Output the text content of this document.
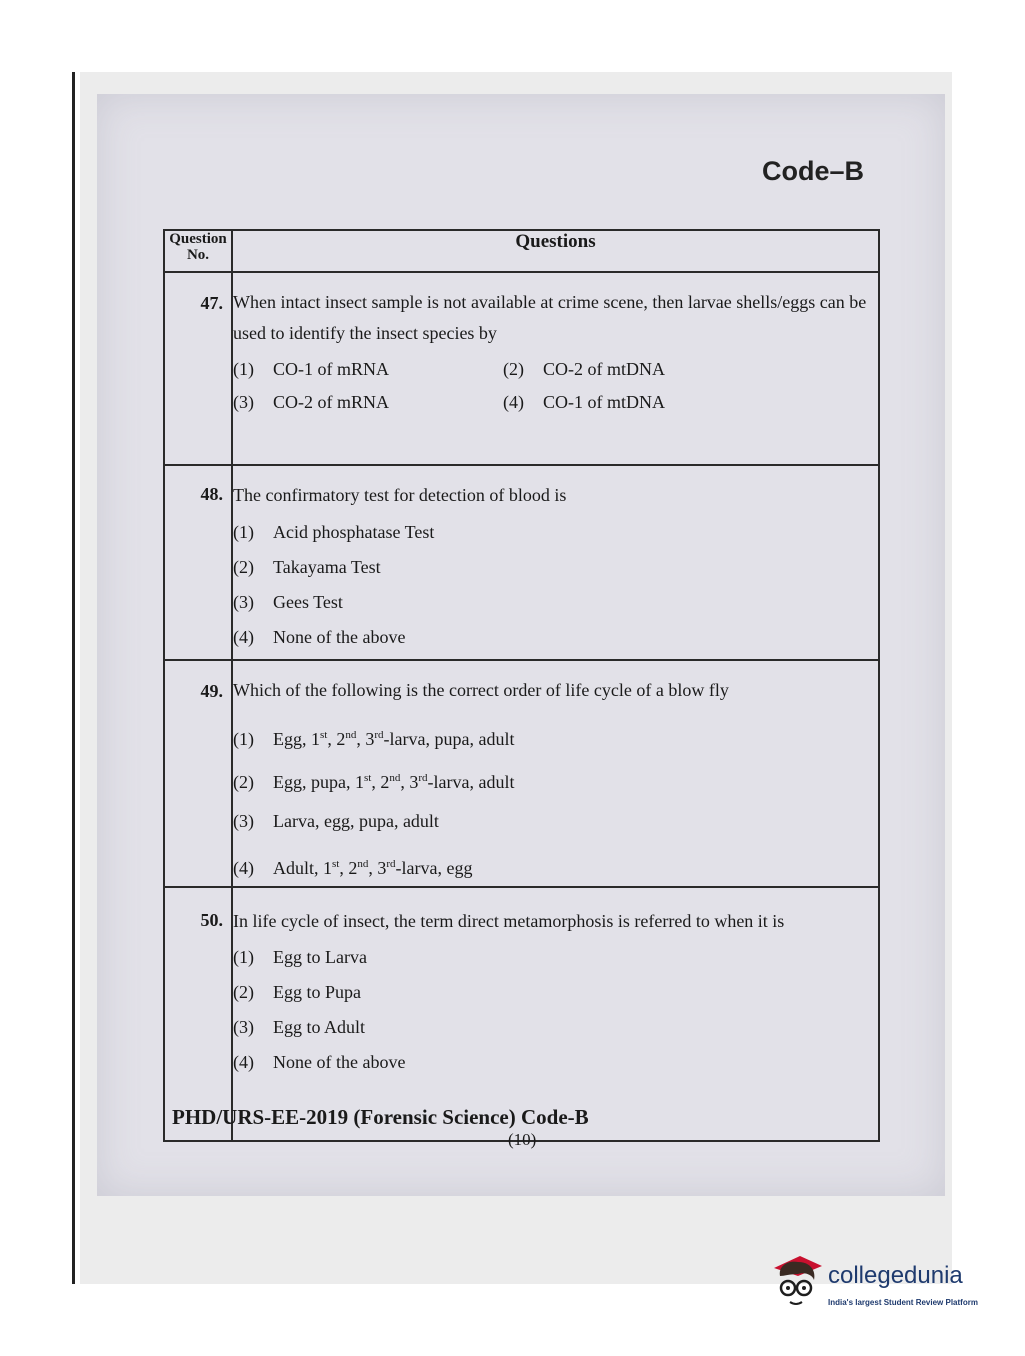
Code–B
Question No.	Questions

47.	When intact insect sample is not available at crime scene, then larvae shells/eggs can be used to identify the insect species by
(1) CO-1 of mRNA (2) CO-2 of mtDNA
(3) CO-2 of mRNA (4) CO-1 of mtDNA

48.	The confirmatory test for detection of blood is
(1) Acid phosphatase Test
(2) Takayama Test
(3) Gees Test
(4) None of the above

49.	Which of the following is the correct order of life cycle of a blow fly
(1) Egg, 1st, 2nd, 3rd-larva, pupa, adult
(2) Egg, pupa, 1st, 2nd, 3rd-larva, adult
(3) Larva, egg, pupa, adult
(4) Adult, 1st, 2nd, 3rd-larva, egg

50.	In life cycle of insect, the term direct metamorphosis is referred to when it is
(1) Egg to Larva
(2) Egg to Pupa
(3) Egg to Adult
(4) None of the above
PHD/URS-EE-2019 (Forensic Science) Code-B
(10)
collegedunia
India's largest Student Review Platform
